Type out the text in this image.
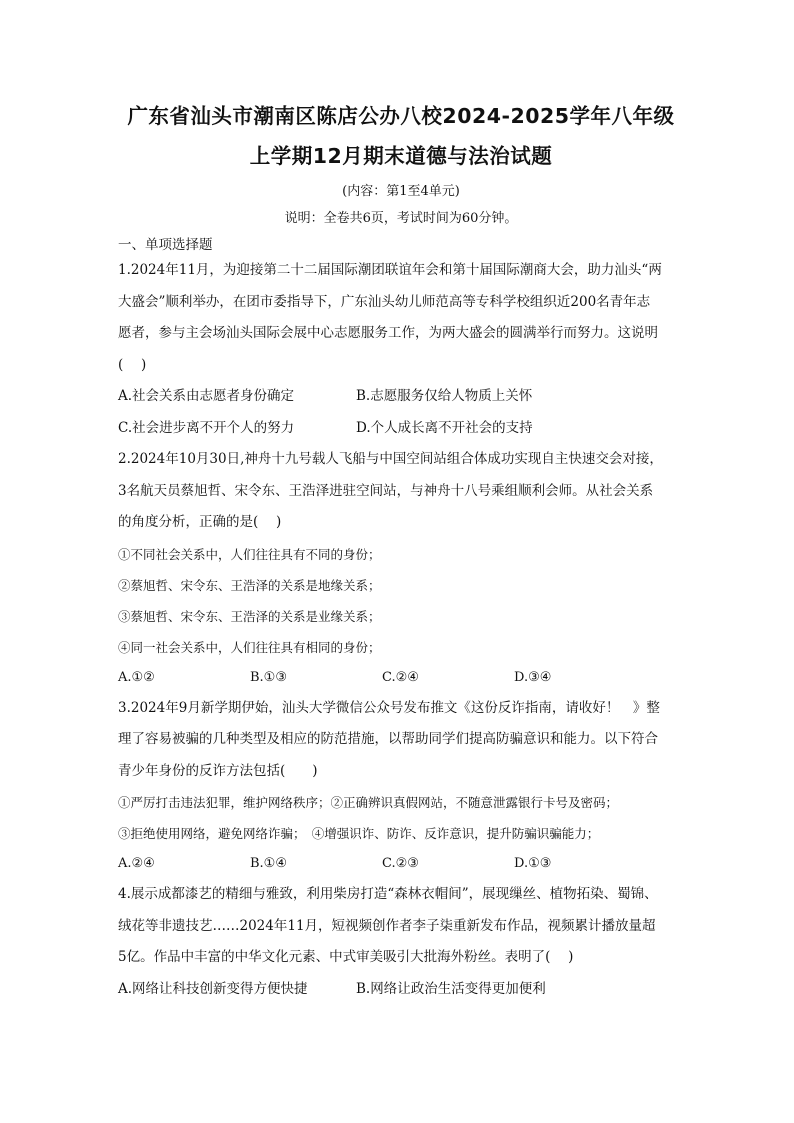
广东省汕头市潮南区陈店公办八校2024-2025学年八年级
上学期12月期末道德与法治试题
(内容：第1至4单元)
说明：全卷共6页，考试时间为60分钟。
一、单项选择题

1.2024年11月，为迎接第二十二届国际潮团联谊年会和第十届国际潮商大会，助力汕头“两

大盛会”顺利举办，在团市委指导下，广东汕头幼儿师范高等专科学校组织近200名青年志

愿者，参与主会场汕头国际会展中心志愿服务工作，为两大盛会的圆满举行而努力。这说明

(　 )

A.社会关系由志愿者身份确定	B.志愿服务仅给人物质上关怀
C.社会进步离不开个人的努力	D.个人成长离不开社会的支持

2.2024年10月30日,神舟十九号载人飞船与中国空间站组合体成功实现自主快速交会对接，

3名航天员蔡旭哲、宋令东、王浩泽进驻空间站，与神舟十八号乘组顺利会师。从社会关系

的角度分析，正确的是(　 )

①不同社会关系中，人们往往具有不同的身份；
②蔡旭哲、宋令东、王浩泽的关系是地缘关系；
③蔡旭哲、宋令东、王浩泽的关系是业缘关系；
④同一社会关系中，人们往往具有相同的身份；
A.①②	B.①③	C.②④	D.③④

3.2024年9月新学期伊始，汕头大学微信公众号发布推文《这份反诈指南，请收好！　》整

理了容易被骗的几种类型及相应的防范措施，以帮助同学们提高防骗意识和能力。以下符合

青少年身份的反诈方法包括(　　)

①严厉打击违法犯罪，维护网络秩序；②正确辨识真假网站，不随意泄露银行卡号及密码；
③拒绝使用网络，避免网络诈骗；　④增强识诈、防诈、反诈意识，提升防骗识骗能力；
A.②④	B.①④	C.②③	D.①③

4.展示成都漆艺的精细与雅致，利用柴房打造“森林衣帽间”，展现缫丝、植物拓染、蜀锦、

绒花等非遗技艺……2024年11月，短视频创作者李子柒重新发布作品，视频累计播放量超

5亿。作品中丰富的中华文化元素、中式审美吸引大批海外粉丝。表明了(　 )

A.网络让科技创新变得方便快捷	B.网络让政治生活变得更加便利
